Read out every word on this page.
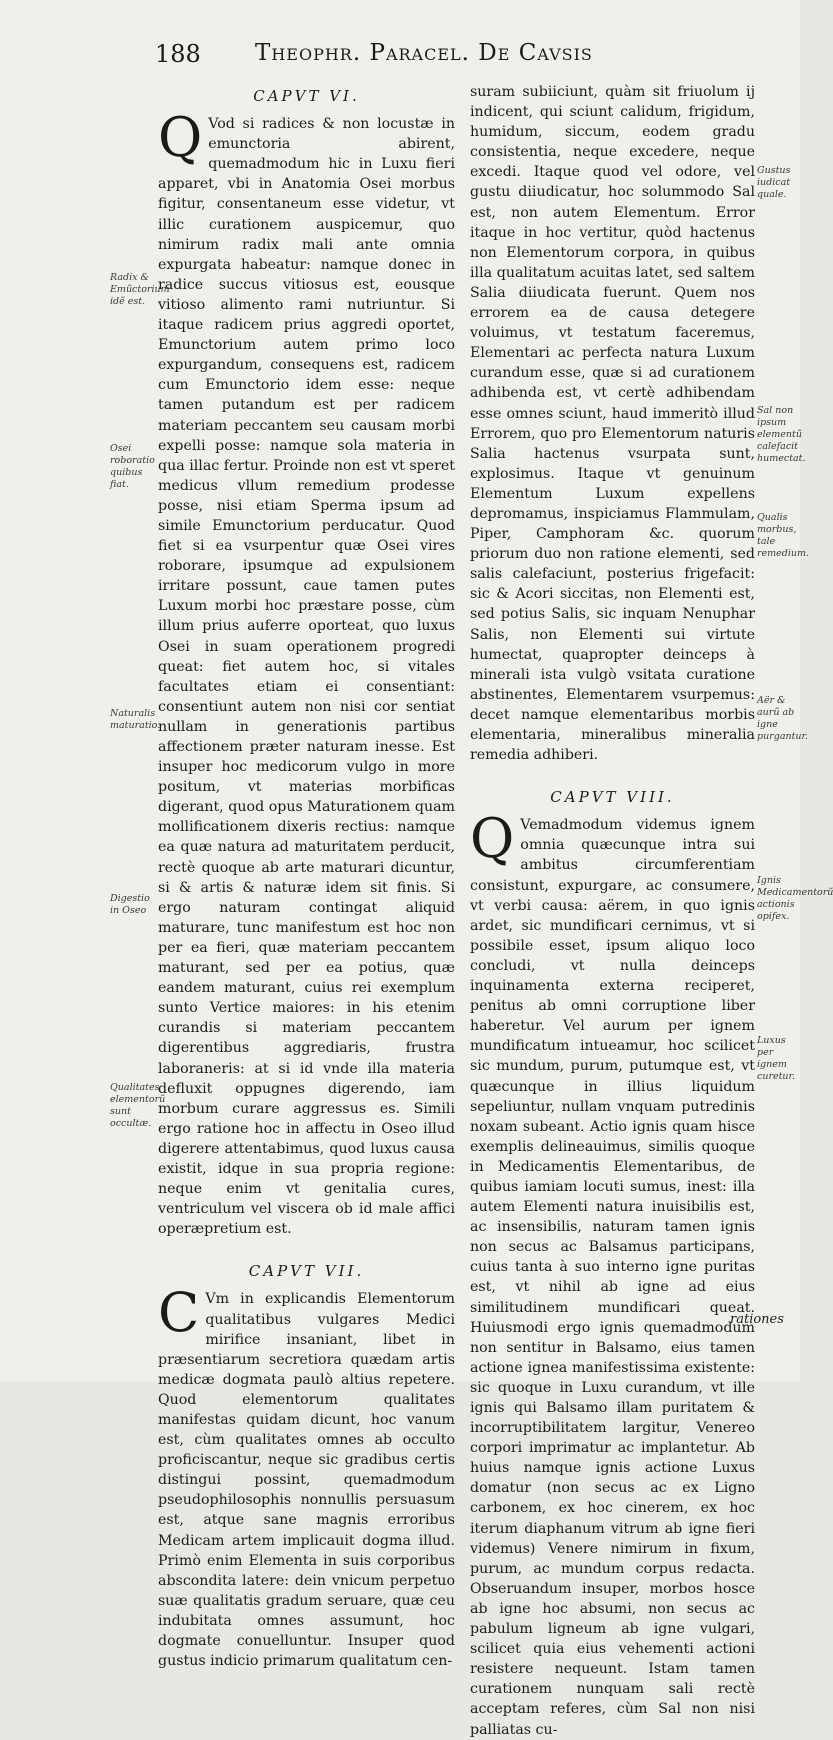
188 Theophr. Paracel. De Cavsis
CAPVT VI.

Q Vod si radices & non locustæ in emunctoria abirent, quemadmodum hic in Luxu fieri apparet, vbi in Anatomia Osei morbus figitur, consentaneum esse videtur, vt illic curationem auspicemur, quo nimirum radix mali ante omnia expurgata habeatur: namque donec in radice succus vitiosus est, eousque vitioso alimento rami nutriuntur. Si itaque radicem prius aggredi oportet, Emunctorium autem primo loco expurgandum, consequens est, radicem cum Emunctorio idem esse: neque tamen putandum est per radicem materiam peccantem seu causam morbi expelli posse: namque sola materia in qua illac fertur. Proinde non est vt speret medicus vllum remedium prodesse posse, nisi etiam Sperma ipsum ad simile Emunctorium perducatur. Quod fiet si ea vsurpentur quæ Osei vires roborare, ipsumque ad expulsionem irritare possunt, caue tamen putes Luxum morbi hoc præstare posse, cùm illum prius auferre oporteat, quo luxus Osei in suam operationem progredi queat: fiet autem hoc, si vitales facultates etiam ei consentiant: consentiunt autem non nisi cor sentiat nullam in generationis partibus affectionem præter naturam inesse. Est insuper hoc medicorum vulgo in more positum, vt materias morbificas digerant, quod opus Maturationem quam mollificationem dixeris rectius: namque ea quæ natura ad maturitatem perducit, rectè quoque ab arte maturari dicuntur, si & artis & naturæ idem sit finis. Si ergo naturam contingat aliquid maturare, tunc manifestum est hoc non per ea fieri, quæ materiam peccantem maturant, sed per ea potius, quæ eandem maturant, cuius rei exemplum sunto Vertice maiores: in his etenim curandis si materiam peccantem digerentibus aggrediaris, frustra laboraneris: at si id vnde illa materia defluxit oppugnes digerendo, iam morbum curare aggressus es. Simili ergo ratione hoc in affectu in Oseo illud digerere attentabimus, quod luxus causa existit, idque in sua propria regione: neque enim vt genitalia cures, ventriculum vel viscera ob id male affici operæpretium est.

CAPVT VII.

C Vm in explicandis Elementorum qualitatibus vulgares Medici mirifice insaniant, libet in præsentiarum secretiora quædam artis medicæ dogmata paulò altius repetere. Quod elementorum qualitates manifestas quidam dicunt, hoc vanum est, cùm qualitates omnes ab occulto proficiscantur, neque sic gradibus certis distingui possint, quemadmodum pseudophilosophis nonnullis persuasum est, atque sane magnis erroribus Medicam artem implicauit dogma illud. Primò enim Elementa in suis corporibus abscondita latere: dein vnicum perpetuo suæ qualitatis gradum seruare, quæ ceu indubitata omnes assumunt, hoc dogmate conuelluntur. Insuper quod gustus indicio primarum qualitatum cen-

suram subiiciunt, quàm sit friuolum ij indicent, qui sciunt calidum, frigidum, humidum, siccum, eodem gradu consistentia, neque excedere, neque excedi. Itaque quod vel odore, vel gustu diiudicatur, hoc solummodo Sal est, non autem Elementum. Error itaque in hoc vertitur, quòd hactenus non Elementorum corpora, in quibus illa qualitatum acuitas latet, sed saltem Salia diiudicata fuerunt. Quem nos errorem ea de causa detegere voluimus, vt testatum faceremus, Elementari ac perfecta natura Luxum curandum esse, quæ si ad curationem adhibenda est, vt certè adhibendam esse omnes sciunt, haud immeritò illud Errorem, quo pro Elementorum naturis Salia hactenus vsurpata sunt, explosimus. Itaque vt genuinum Elementum Luxum expellens depromamus, inspiciamus Flammulam, Piper, Camphoram &c. quorum priorum duo non ratione elementi, sed salis calefaciunt, posterius frigefacit: sic & Acori siccitas, non Elementi est, sed potius Salis, sic inquam Nenuphar Salis, non Elementi sui virtute humectat, quapropter deinceps à minerali ista vulgò vsitata curatione abstinentes, Elementarem vsurpemus: decet namque elementaribus morbis elementaria, mineralibus mineralia remedia adhiberi.

CAPVT VIII.

Q Vemadmodum videmus ignem omnia quæcunque intra sui ambitus circumferentiam consistunt, expurgare, ac consumere, vt verbi causa: aërem, in quo ignis ardet, sic mundificari cernimus, vt si possibile esset, ipsum aliquo loco concludi, vt nulla deinceps inquinamenta externa reciperet, penitus ab omni corruptione liber haberetur. Vel aurum per ignem mundificatum intueamur, hoc scilicet sic mundum, purum, putumque est, vt quæcunque in illius liquidum sepeliuntur, nullam vnquam putredinis noxam subeant. Actio ignis quam hisce exemplis delineauimus, similis quoque in Medicamentis Elementaribus, de quibus iamiam locuti sumus, inest: illa autem Elementi natura inuisibilis est, ac insensibilis, naturam tamen ignis non secus ac Balsamus participans, cuius tanta à suo interno igne puritas est, vt nihil ab igne ad eius similitudinem mundificari queat. Huiusmodi ergo ignis quemadmodum non sentitur in Balsamo, eius tamen actione ignea manifestissima existente: sic quoque in Luxu curandum, vt ille ignis qui Balsamo illam puritatem & incorruptibilitatem largitur, Venereo corpori imprimatur ac implantetur. Ab huius namque ignis actione Luxus domatur (non secus ac ex Ligno carbonem, ex hoc cinerem, ex hoc iterum diaphanum vitrum ab igne fieri videmus) Venere nimirum in fixum, purum, ac mundum corpus redacta. Obseruandum insuper, morbos hosce ab igne hoc absumi, non secus ac pabulum ligneum ab igne vulgari, scilicet quia eius vehementi actioni resistere nequeunt. Istam tamen curationem nunquam sali rectè acceptam referes, cùm Sal non nisi palliatas cu-

Radix & Emũctorium idẽ est.
Osei roboratio quibus fiat.
Naturalis maturatio.
Digestio in Oseo
Qualitates elementorũ sunt occultæ.
Gustus iudicat quale.
Sal non ipsum elementũ calefacit humectat.
Qualis morbus, tale remedium.
Aër & aurũ ab igne purgantur.
Ignis Medicamentorũ actionis opifex.
Luxus per ignem curetur.
rationes
